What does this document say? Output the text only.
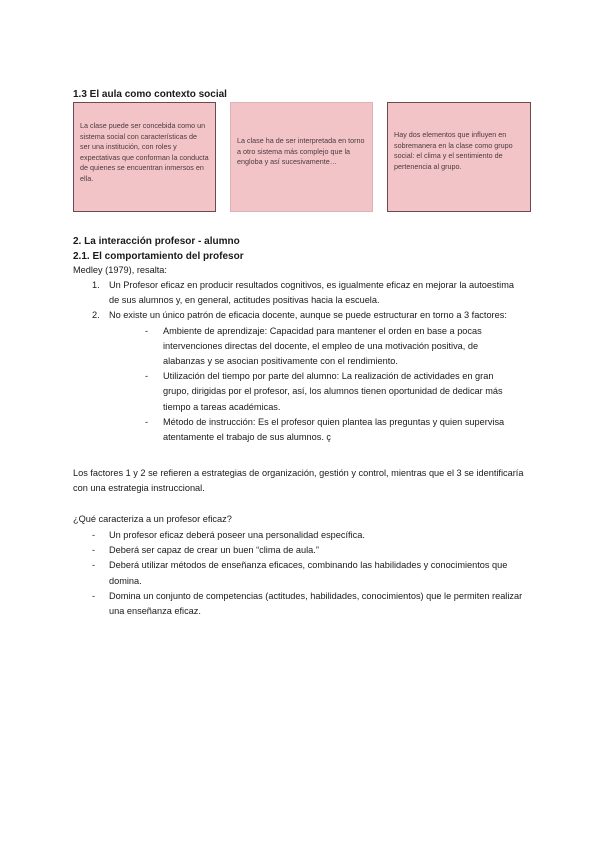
1.3 El aula como contexto social
La clase puede ser concebida como un sistema social con características de ser una institución, con roles y expectativas que conforman la conducta de quienes se encuentran inmersos en ella.
La clase ha de ser interpretada en torno a otro sistema más complejo que la engloba y así sucesivamente…
Hay dos elementos que influyen en sobremanera en la clase como grupo social: el clima y el sentimiento de pertenencia al grupo.
2. La interacción profesor - alumno
2.1. El comportamiento del profesor

Medley (1979), resalta:

1. Un Profesor eficaz en producir resultados cognitivos, es igualmente eficaz en mejorar la autoestima de sus alumnos y, en general, actitudes positivas hacia la escuela.
2. No existe un único patrón de eficacia docente, aunque se puede estructurar en torno a 3 factores:
- Ambiente de aprendizaje: Capacidad para mantener el orden en base a pocas intervenciones directas del docente, el empleo de una motivación positiva, de alabanzas y se asocian positivamente con el rendimiento.
- Utilización del tiempo por parte del alumno: La realización de actividades en gran grupo, dirigidas por el profesor, así, los alumnos tienen oportunidad de dedicar más tiempo a tareas académicas.
- Método de instrucción: Es el profesor quien plantea las preguntas y quien supervisa atentamente el trabajo de sus alumnos. ç

Los factores 1 y 2 se refieren a estrategias de organización, gestión y control, mientras que el 3 se identificaría con una estrategia instruccional.

¿Qué caracteriza a un profesor eficaz?

- Un profesor eficaz deberá poseer una personalidad específica.
- Deberá ser capaz de crear un buen “clima de aula.”
- Deberá utilizar métodos de enseñanza eficaces, combinando las habilidades y conocimientos que domina.
- Domina un conjunto de competencias (actitudes, habilidades, conocimientos) que le permiten realizar una enseñanza eficaz.
